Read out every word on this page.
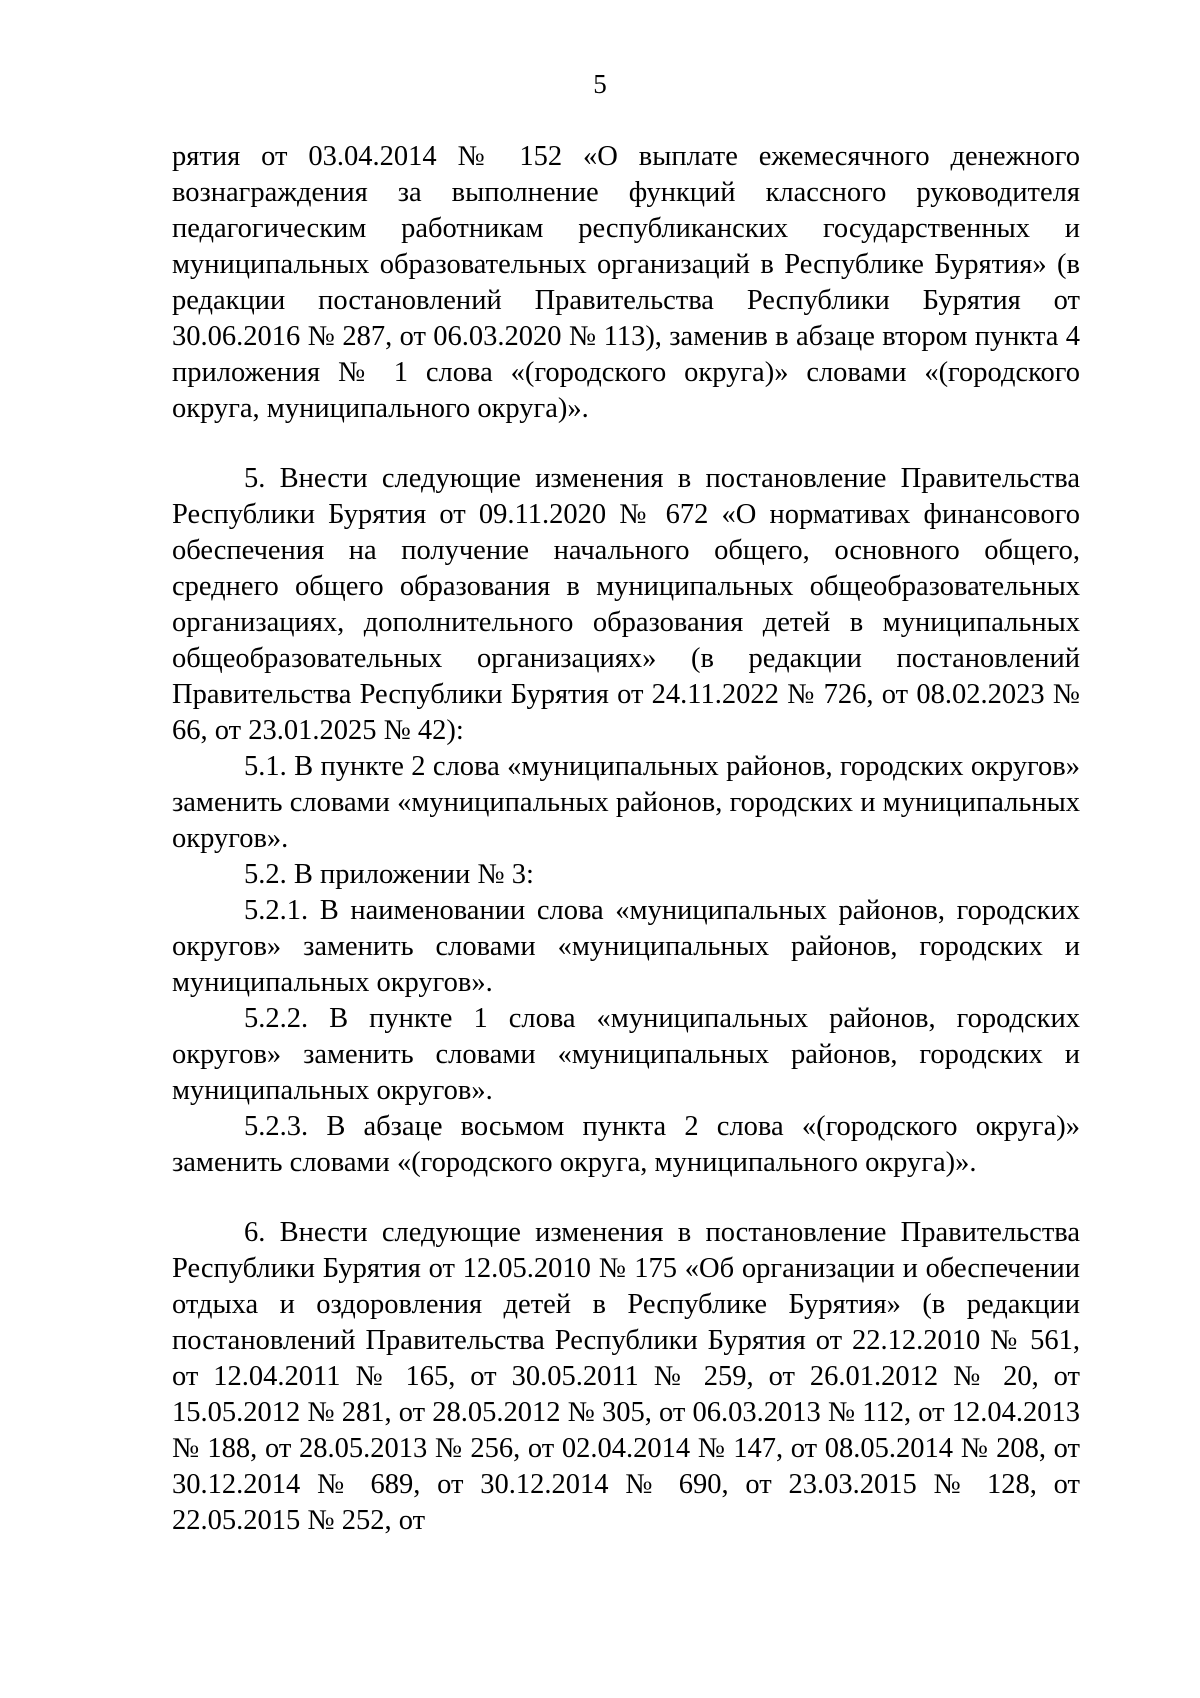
5
рятия от 03.04.2014 № 152 «О выплате ежемесячного денежного вознаграждения за выполнение функций классного руководителя педагогическим работникам республиканских государственных и муниципальных образовательных организаций в Республике Бурятия» (в редакции постановлений Правительства Республики Бурятия от 30.06.2016 № 287, от 06.03.2020 № 113), заменив в абзаце втором пункта 4 приложения № 1 слова «(городского округа)» словами «(городского округа, муниципального округа)».
5. Внести следующие изменения в постановление Правительства Республики Бурятия от 09.11.2020 № 672 «О нормативах финансового обеспечения на получение начального общего, основного общего, среднего общего образования в муниципальных общеобразовательных организациях, дополнительного образования детей в муниципальных общеобразовательных организациях» (в редакции постановлений Правительства Республики Бурятия от 24.11.2022 № 726, от 08.02.2023 № 66, от 23.01.2025 № 42):
5.1. В пункте 2 слова «муниципальных районов, городских округов» заменить словами «муниципальных районов, городских и муниципальных округов».
5.2. В приложении № 3:
5.2.1. В наименовании слова «муниципальных районов, городских округов» заменить словами «муниципальных районов, городских и муниципальных округов».
5.2.2. В пункте 1 слова «муниципальных районов, городских округов» заменить словами «муниципальных районов, городских и муниципальных округов».
5.2.3. В абзаце восьмом пункта 2 слова «(городского округа)» заменить словами «(городского округа, муниципального округа)».
6. Внести следующие изменения в постановление Правительства Республики Бурятия от 12.05.2010 № 175 «Об организации и обеспечении отдыха и оздоровления детей в Республике Бурятия» (в редакции постановлений Правительства Республики Бурятия от 22.12.2010 № 561, от 12.04.2011 № 165, от 30.05.2011 № 259, от 26.01.2012 № 20, от 15.05.2012 № 281, от 28.05.2012 № 305, от 06.03.2013 № 112, от 12.04.2013 № 188, от 28.05.2013 № 256, от 02.04.2014 № 147, от 08.05.2014 № 208, от 30.12.2014 № 689, от 30.12.2014 № 690, от 23.03.2015 № 128, от 22.05.2015 № 252, от
